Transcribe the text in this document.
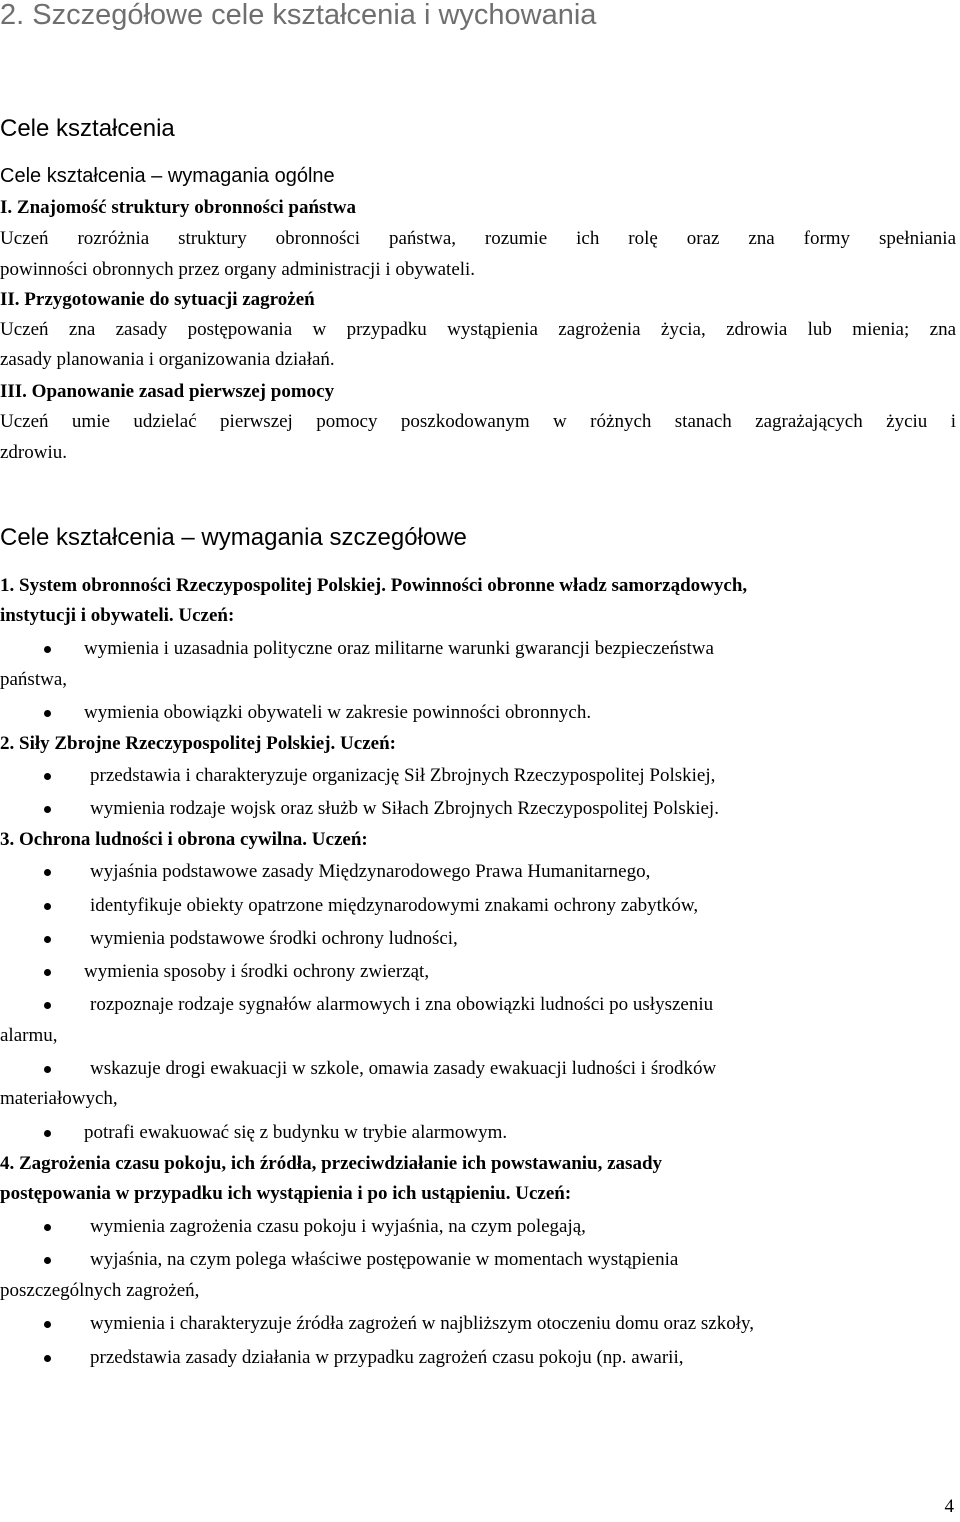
2. Szczegółowe cele kształcenia i wychowania
Cele kształcenia
Cele kształcenia – wymagania ogólne
I. Znajomość struktury obronności państwa
Uczeń rozróżnia struktury obronności państwa, rozumie ich rolę oraz zna formy spełniania
powinności obronnych przez organy administracji i obywateli.
II. Przygotowanie do sytuacji zagrożeń
Uczeń zna zasady postępowania w przypadku wystąpienia zagrożenia życia, zdrowia lub mienia; zna
zasady planowania i organizowania działań.
III. Opanowanie zasad pierwszej pomocy
Uczeń umie udzielać pierwszej pomocy poszkodowanym w różnych stanach zagrażających życiu i
zdrowiu.
Cele kształcenia – wymagania szczegółowe
1. System obronności Rzeczypospolitej Polskiej. Powinności obronne władz samorządowych,
instytucji i obywateli. Uczeń:
wymienia i uzasadnia polityczne oraz militarne warunki gwarancji bezpieczeństwa
państwa,
wymienia obowiązki obywateli w zakresie powinności obronnych.
2. Siły Zbrojne Rzeczypospolitej Polskiej. Uczeń:
przedstawia i charakteryzuje organizację Sił Zbrojnych Rzeczypospolitej Polskiej,
wymienia rodzaje wojsk oraz służb w Siłach Zbrojnych Rzeczypospolitej Polskiej.
3. Ochrona ludności i obrona cywilna. Uczeń:
wyjaśnia podstawowe zasady Międzynarodowego Prawa Humanitarnego,
identyfikuje obiekty opatrzone międzynarodowymi znakami ochrony zabytków,
wymienia podstawowe środki ochrony ludności,
wymienia sposoby i środki ochrony zwierząt,
rozpoznaje rodzaje sygnałów alarmowych i zna obowiązki ludności po usłyszeniu
alarmu,
wskazuje drogi ewakuacji w szkole, omawia zasady ewakuacji ludności i środków
materiałowych,
potrafi ewakuować się z budynku w trybie alarmowym.
4. Zagrożenia czasu pokoju, ich źródła, przeciwdziałanie ich powstawaniu, zasady
postępowania w przypadku ich wystąpienia i po ich ustąpieniu. Uczeń:
wymienia zagrożenia czasu pokoju i wyjaśnia, na czym polegają,
wyjaśnia, na czym polega właściwe postępowanie w momentach wystąpienia
poszczególnych zagrożeń,
wymienia i charakteryzuje źródła zagrożeń w najbliższym otoczeniu domu oraz szkoły,
przedstawia zasady działania w przypadku zagrożeń czasu pokoju (np. awarii,
4
